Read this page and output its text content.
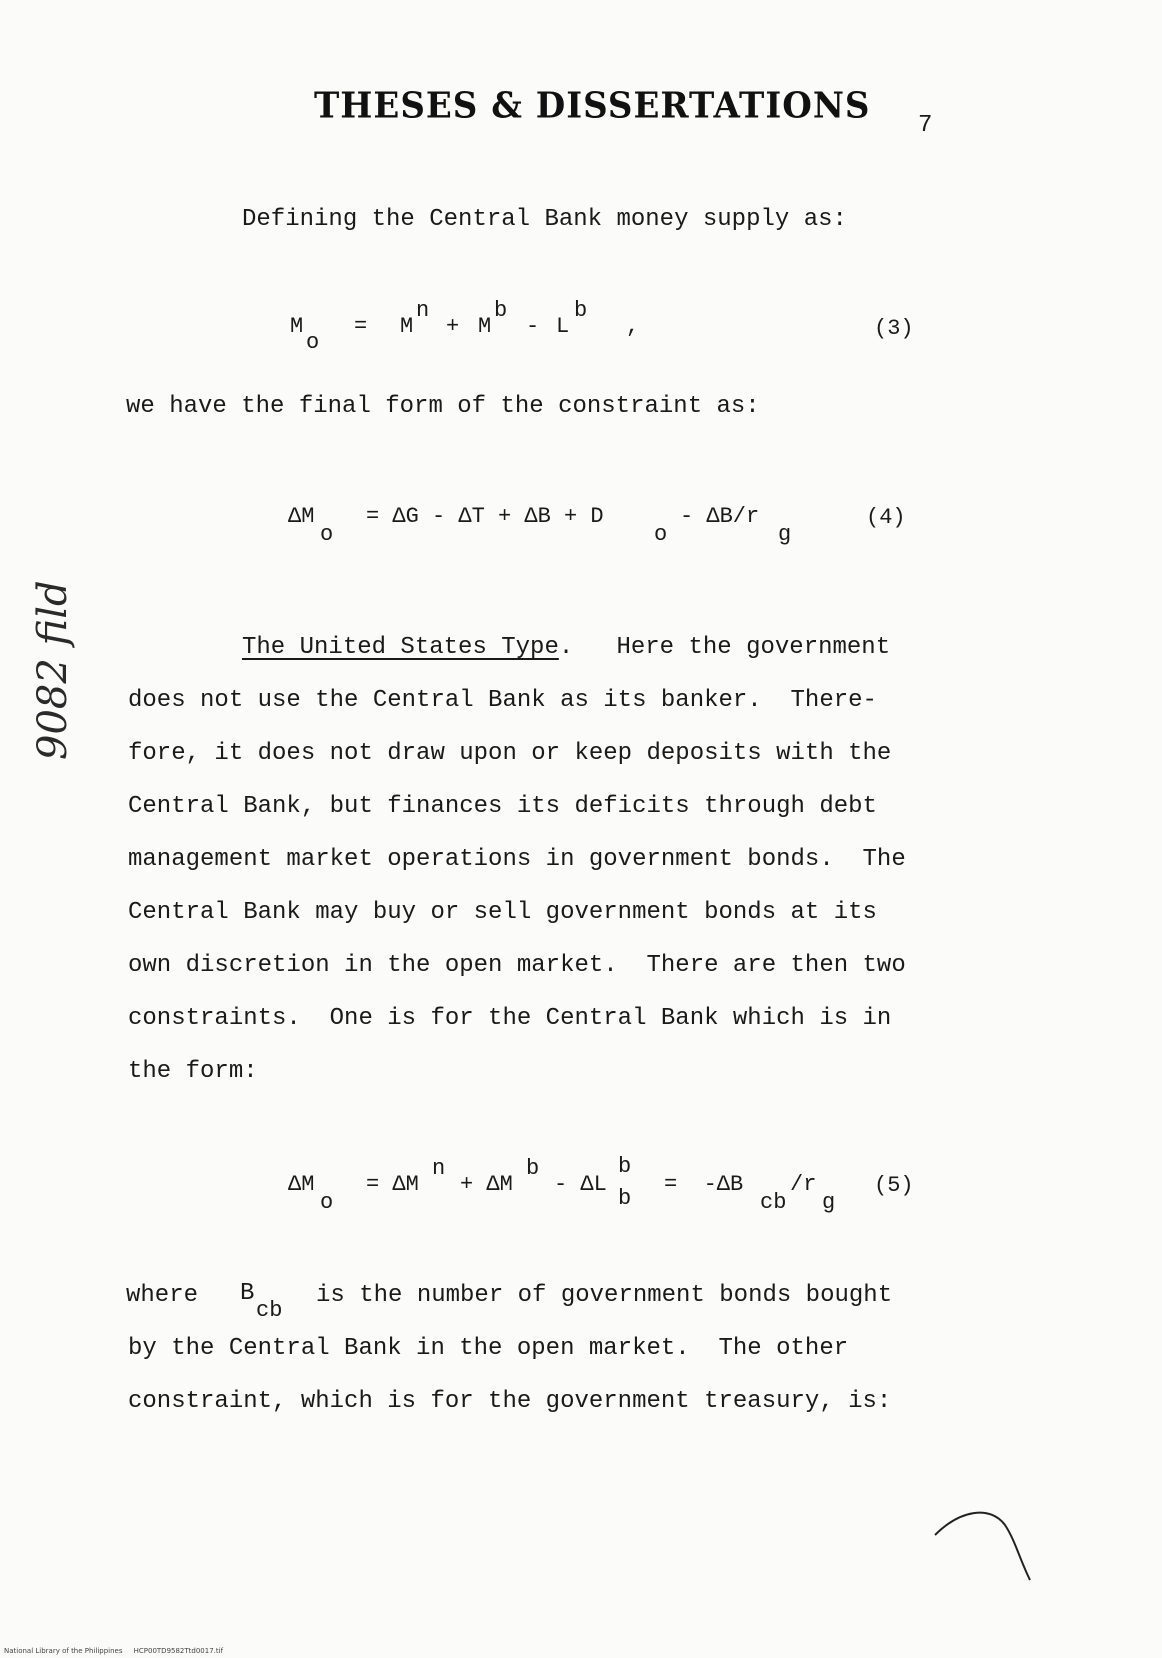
THESES & DISSERTATIONS 7
Defining the Central Bank money supply as:
M
o
= M
n
+ M
b
- L
b
,	(3)
we have the final form of the constraint as:
ΔM
o
= ΔG - ΔT + ΔB + D
o
- ΔB/r
g
(4)
The United States Type.   Here the government
does not use the Central Bank as its banker.  There-
fore, it does not draw upon or keep deposits with the
Central Bank, but finances its deficits through debt
management market operations in government bonds.  The
Central Bank may buy or sell government bonds at its
own discretion in the open market.  There are then two
constraints.  One is for the Central Bank which is in
the form:
ΔM
o
= ΔM
n
+ ΔM
b
- ΔL
b
b
=  -ΔB
cb
/r
g
(5)
where B
cb
is the number of government bonds bought
by the Central Bank in the open market.  The other
constraint, which is for the government treasury, is:
9082 fild
National Library of the Philippines     HCP00TD9582Ttd0017.tif
